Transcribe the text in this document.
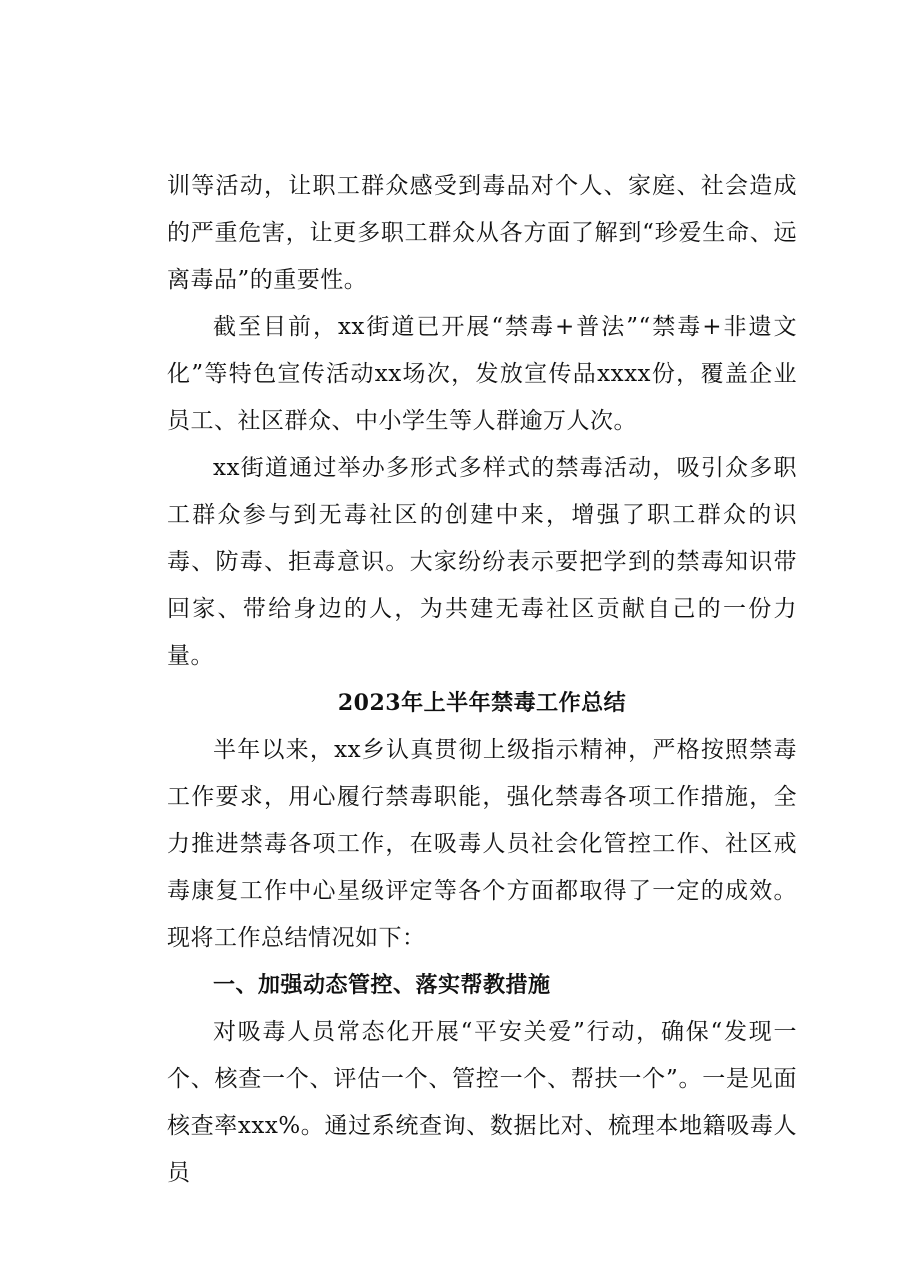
训等活动，让职工群众感受到毒品对个人、家庭、社会造成的严重危害，让更多职工群众从各方面了解到“珍爱生命、远离毒品”的重要性。

截至目前，xx街道已开展“禁毒+普法”“禁毒+非遗文化”等特色宣传活动xx场次，发放宣传品xxxx份，覆盖企业员工、社区群众、中小学生等人群逾万人次。

xx街道通过举办多形式多样式的禁毒活动，吸引众多职工群众参与到无毒社区的创建中来，增强了职工群众的识毒、防毒、拒毒意识。大家纷纷表示要把学到的禁毒知识带回家、带给身边的人，为共建无毒社区贡献自己的一份力量。

2023年上半年禁毒工作总结

半年以来，xx乡认真贯彻上级指示精神，严格按照禁毒工作要求，用心履行禁毒职能，强化禁毒各项工作措施，全力推进禁毒各项工作，在吸毒人员社会化管控工作、社区戒毒康复工作中心星级评定等各个方面都取得了一定的成效。现将工作总结情况如下：

一、加强动态管控、落实帮教措施

对吸毒人员常态化开展“平安关爱”行动，确保“发现一个、核查一个、评估一个、管控一个、帮扶一个”。一是见面核查率xxx%。通过系统查询、数据比对、梳理本地籍吸毒人员
